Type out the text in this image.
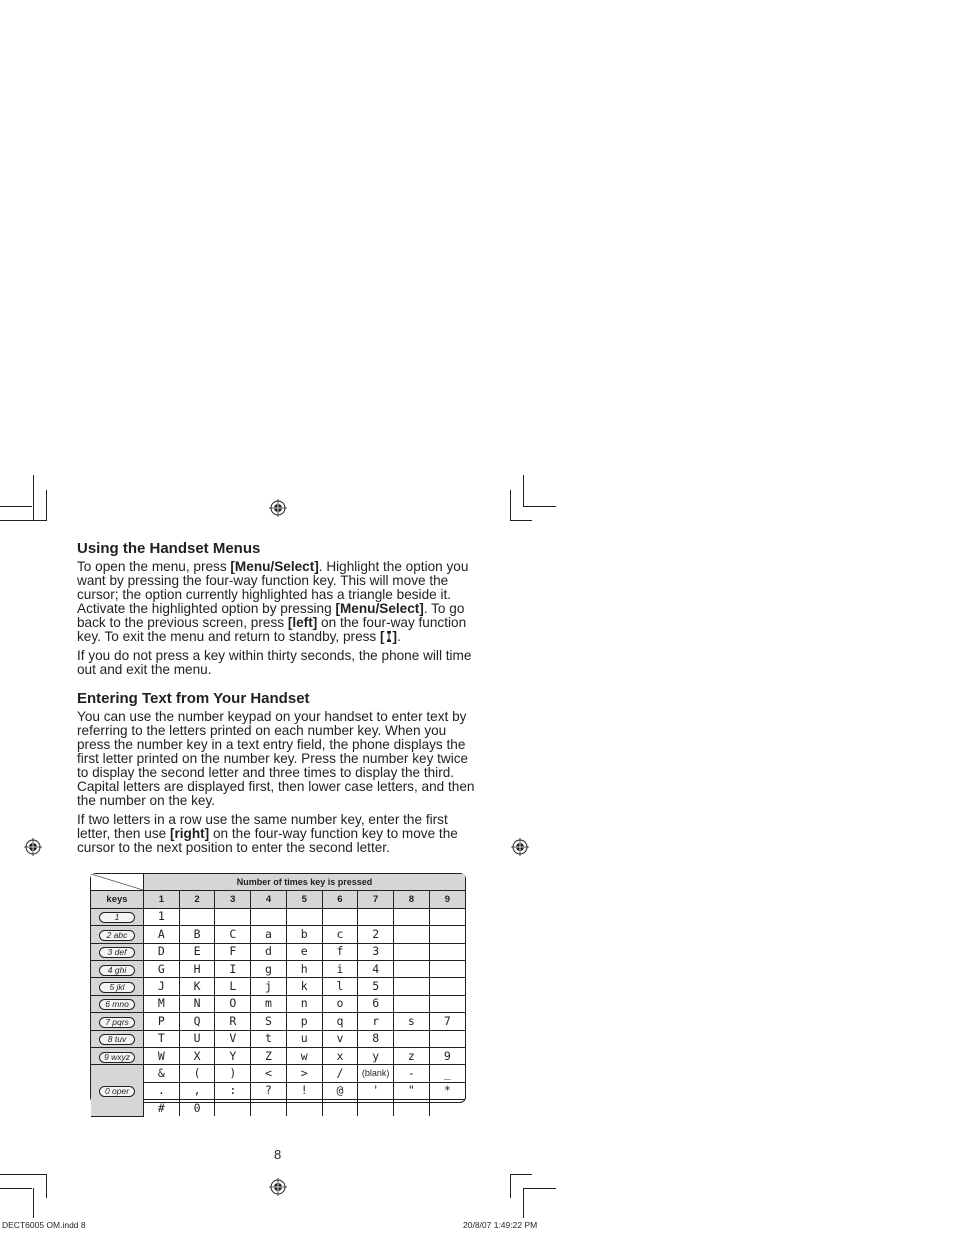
Using the Handset Menus

To open the menu, press [Menu/Select]. Highlight the option you want by pressing the four-way function key. This will move the cursor; the option currently highlighted has a triangle beside it. Activate the highlighted option by pressing [Menu/Select]. To go back to the previous screen, press [left] on the four-way function key. To exit the menu and return to standby, press [ ].

If you do not press a key within thirty seconds, the phone will time out and exit the menu.

Entering Text from Your Handset

You can use the number keypad on your handset to enter text by referring to the letters printed on each number key. When you press the number key in a text entry field, the phone displays the first letter printed on the number key. Press the number key twice to display the second letter and three times to display the third. Capital letters are displayed first, then lower case letters, and then the number on the key.

If two letters in a row use the same number key, enter the first letter, then use [right] on the four-way function key to move the cursor to the next position to enter the second letter.

	Number of times key is pressed								
keys	1	2	3	4	5	6	7	8	9
1	1								
2 abc	A	B	C	a	b	c	2		
3 def	D	E	F	d	e	f	3		
4 ghi	G	H	I	g	h	i	4		
5 jkl	J	K	L	j	k	l	5		
6 mno	M	N	O	m	n	o	6		
7 pqrs	P	Q	R	S	p	q	r	s	7
8 tuv	T	U	V	t	u	v	8		
9 wxyz	W	X	Y	Z	w	x	y	z	9
0 oper	&	(	)	<	>	/	(blank)	-	_
	.	,	:	?	!	@	'	"	*
	#	0							
8
DECT6005 OM.indd 8	20/8/07 1:49:22 PM
